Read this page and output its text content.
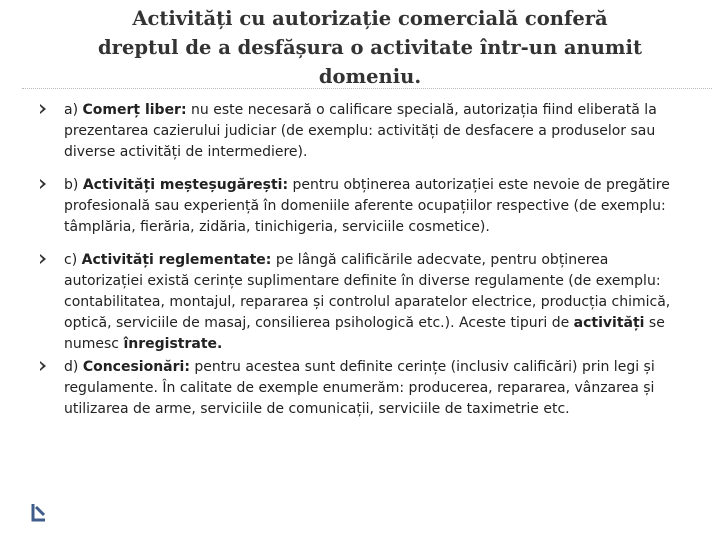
Activități cu autorizație comercială conferă
dreptul de a desfășura o activitate într-un anumit
domeniu.
a) Comerț liber: nu este necesară o calificare specială, autorizația fiind eliberată la prezentarea cazierului judiciar (de exemplu: activități de desfacere a produselor sau diverse activități de intermediere).
b) Activități meșteșugărești: pentru obținerea autorizației este nevoie de pregătire profesională sau experiență în domeniile aferente ocupațiilor respective (de exemplu: tâmplăria, fierăria, zidăria, tinichigeria, serviciile cosmetice).
c) Activități reglementate: pe lângă calificările adecvate, pentru obținerea autorizației există cerințe suplimentare definite în diverse regulamente (de exemplu: contabilitatea, montajul, repararea și controlul aparatelor electrice, producția chimică, optică, serviciile de masaj, consilierea psihologică etc.). Aceste tipuri de activități se numesc înregistrate.
d) Concesionări: pentru acestea sunt definite cerințe (inclusiv calificări) prin legi și regulamente. În calitate de exemple enumerăm: producerea, repararea, vânzarea și utilizarea de arme, serviciile de comunicații, serviciile de taximetrie etc.
